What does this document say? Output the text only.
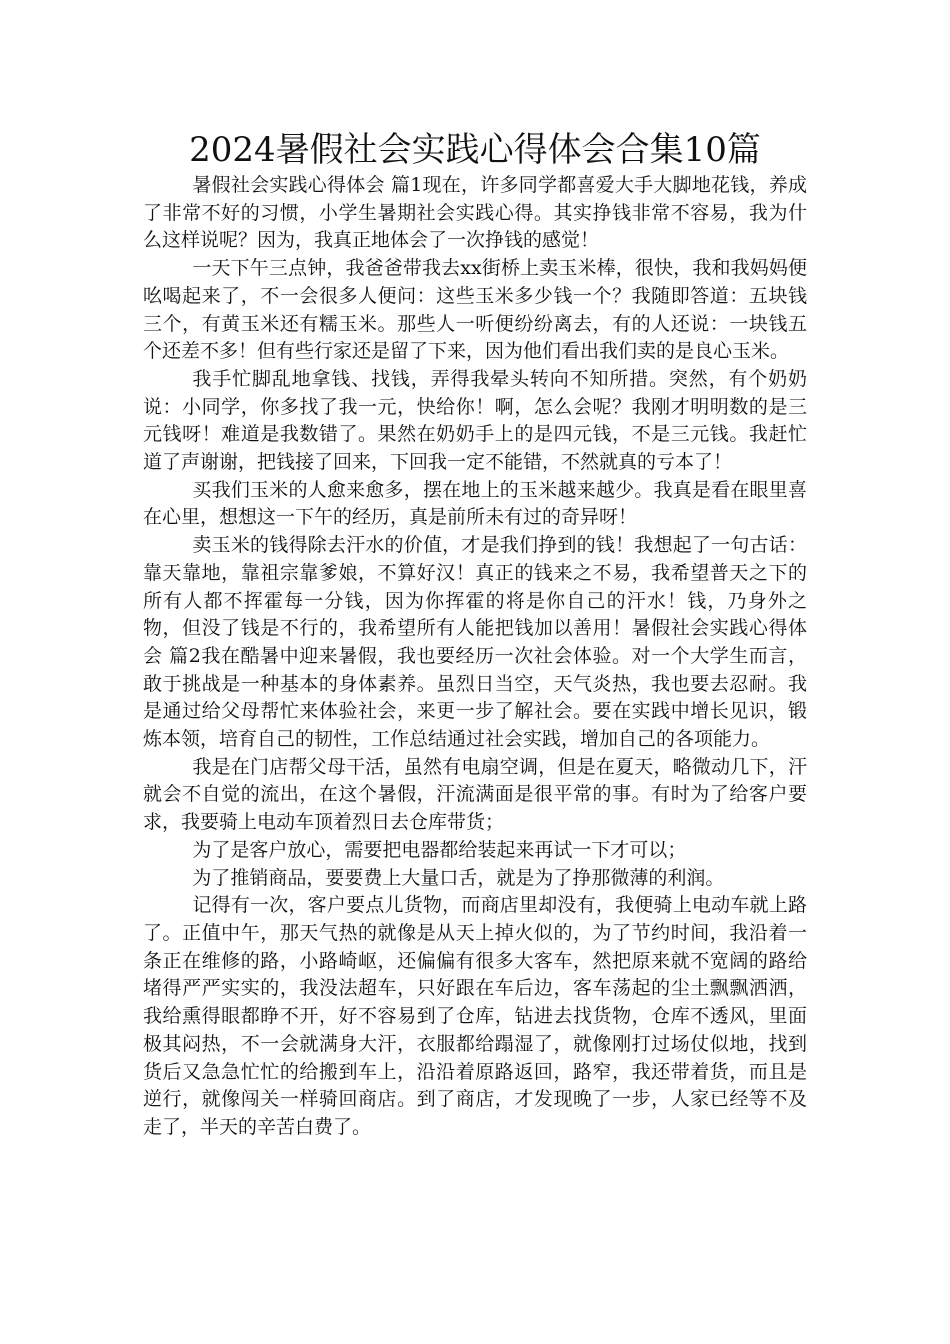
2024暑假社会实践心得体会合集10篇

暑假社会实践心得体会 篇1现在，许多同学都喜爱大手大脚地花钱，养成了非常不好的习惯，小学生暑期社会实践心得。其实挣钱非常不容易，我为什么这样说呢？因为，我真正地体会了一次挣钱的感觉！

一天下午三点钟，我爸爸带我去xx街桥上卖玉米棒，很快，我和我妈妈便吆喝起来了，不一会很多人便问：这些玉米多少钱一个？我随即答道：五块钱三个，有黄玉米还有糯玉米。那些人一听便纷纷离去，有的人还说：一块钱五个还差不多！但有些行家还是留了下来，因为他们看出我们卖的是良心玉米。

我手忙脚乱地拿钱、找钱，弄得我晕头转向不知所措。突然，有个奶奶说：小同学，你多找了我一元，快给你！啊，怎么会呢？我刚才明明数的是三元钱呀！难道是我数错了。果然在奶奶手上的是四元钱，不是三元钱。我赶忙道了声谢谢，把钱接了回来，下回我一定不能错，不然就真的亏本了！

买我们玉米的人愈来愈多，摆在地上的玉米越来越少。我真是看在眼里喜在心里，想想这一下午的经历，真是前所未有过的奇异呀！

卖玉米的钱得除去汗水的价值，才是我们挣到的钱！我想起了一句古话：靠天靠地，靠祖宗靠爹娘，不算好汉！真正的钱来之不易，我希望普天之下的所有人都不挥霍每一分钱，因为你挥霍的将是你自己的汗水！钱，乃身外之物，但没了钱是不行的，我希望所有人能把钱加以善用！暑假社会实践心得体会 篇2我在酷暑中迎来暑假，我也要经历一次社会体验。对一个大学生而言，敢于挑战是一种基本的身体素养。虽烈日当空，天气炎热，我也要去忍耐。我是通过给父母帮忙来体验社会，来更一步了解社会。要在实践中增长见识，锻炼本领，培育自己的韧性，工作总结通过社会实践，增加自己的各项能力。

我是在门店帮父母干活，虽然有电扇空调，但是在夏天，略微动几下，汗就会不自觉的流出，在这个暑假，汗流满面是很平常的事。有时为了给客户要求，我要骑上电动车顶着烈日去仓库带货；

为了是客户放心，需要把电器都给装起来再试一下才可以；

为了推销商品，要要费上大量口舌，就是为了挣那微薄的利润。

记得有一次，客户要点儿货物，而商店里却没有，我便骑上电动车就上路了。正值中午，那天气热的就像是从天上掉火似的，为了节约时间，我沿着一条正在维修的路，小路崎岖，还偏偏有很多大客车，然把原来就不宽阔的路给堵得严严实实的，我没法超车，只好跟在车后边，客车荡起的尘土飘飘洒洒，我给熏得眼都睁不开，好不容易到了仓库，钻进去找货物，仓库不透风，里面极其闷热，不一会就满身大汗，衣服都给蹋湿了，就像刚打过场仗似地，找到货后又急急忙忙的给搬到车上，沿沿着原路返回，路窄，我还带着货，而且是逆行，就像闯关一样骑回商店。到了商店，才发现晚了一步，人家已经等不及走了，半天的辛苦白费了。
